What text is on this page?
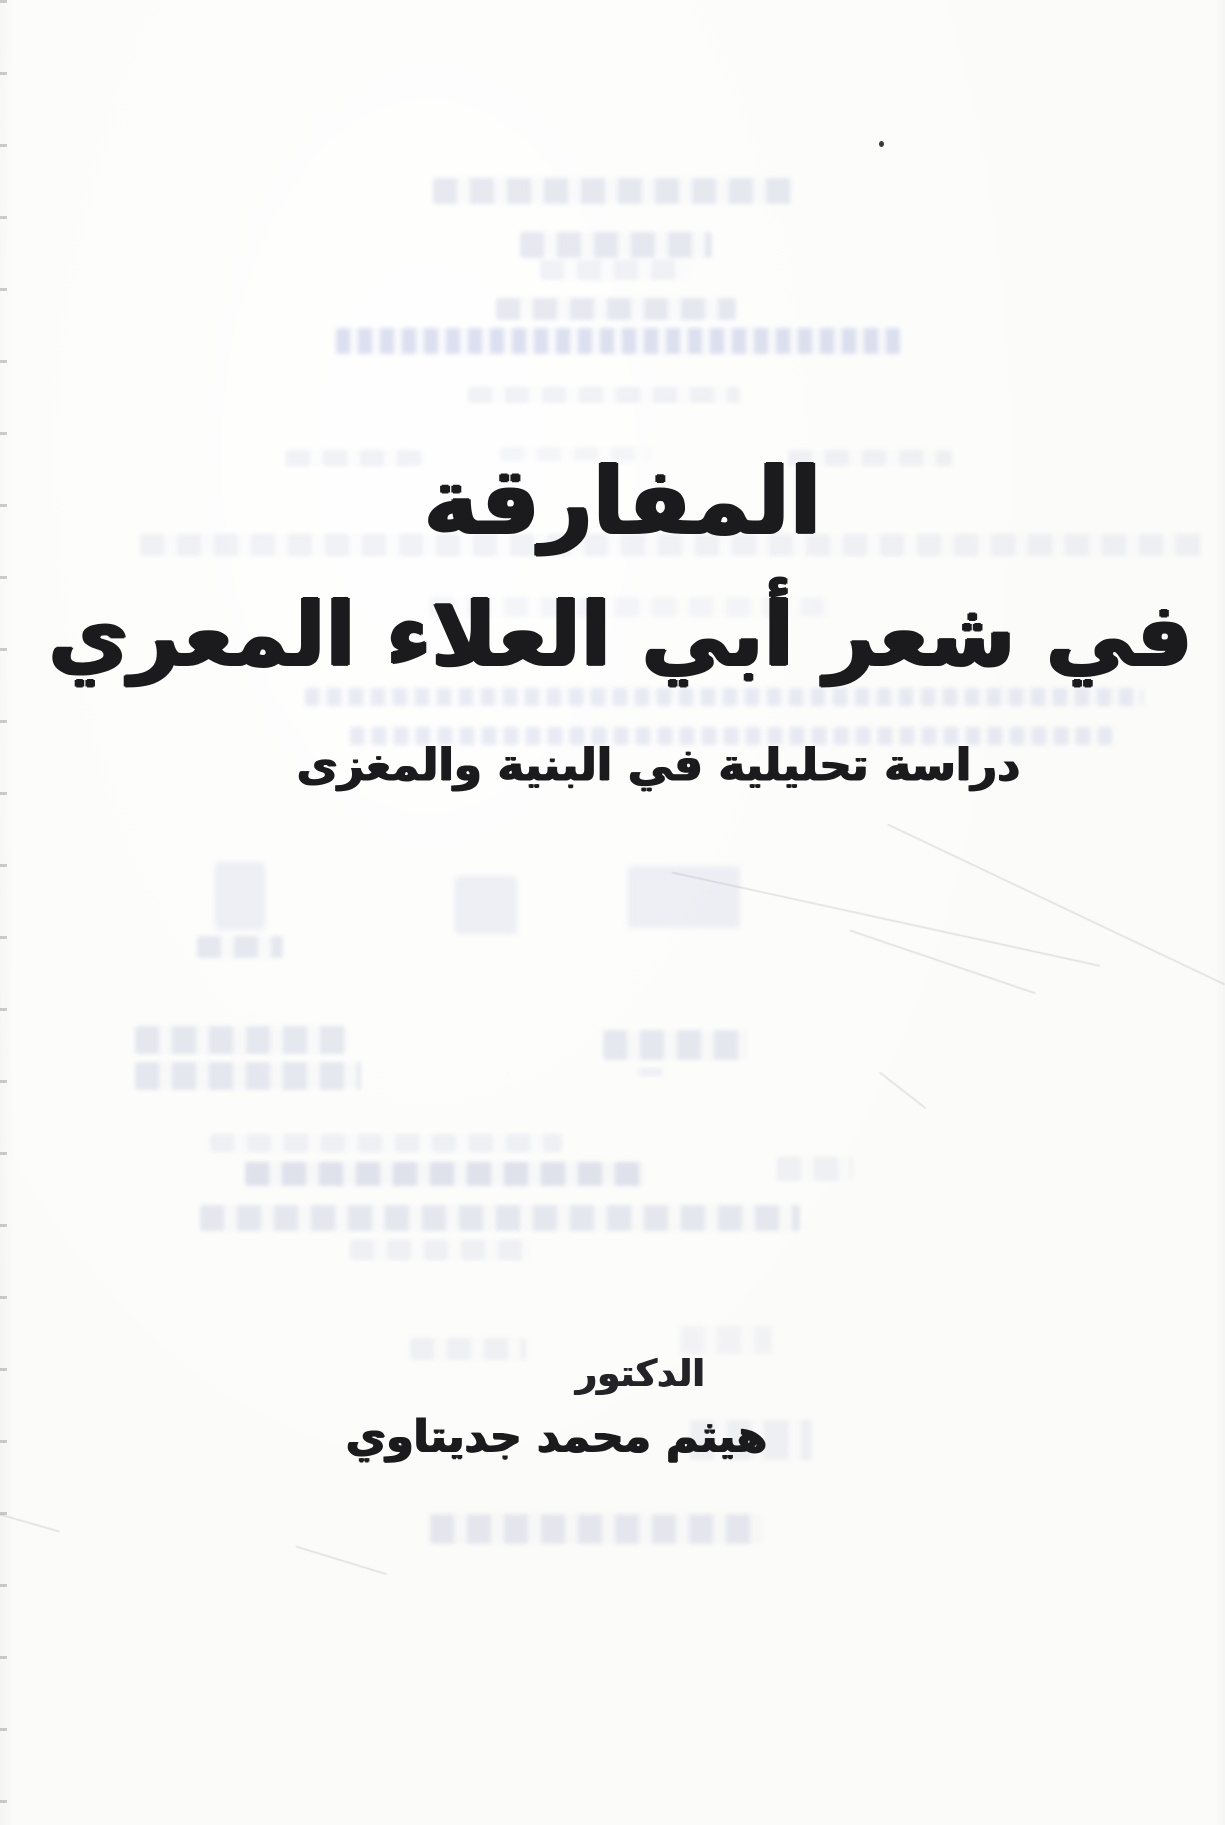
المفارقة
في شعر أبي العلاء المعري
دراسة تحليلية في البنية والمغزى
الدكتور
هيثم محمد جديتاوي
